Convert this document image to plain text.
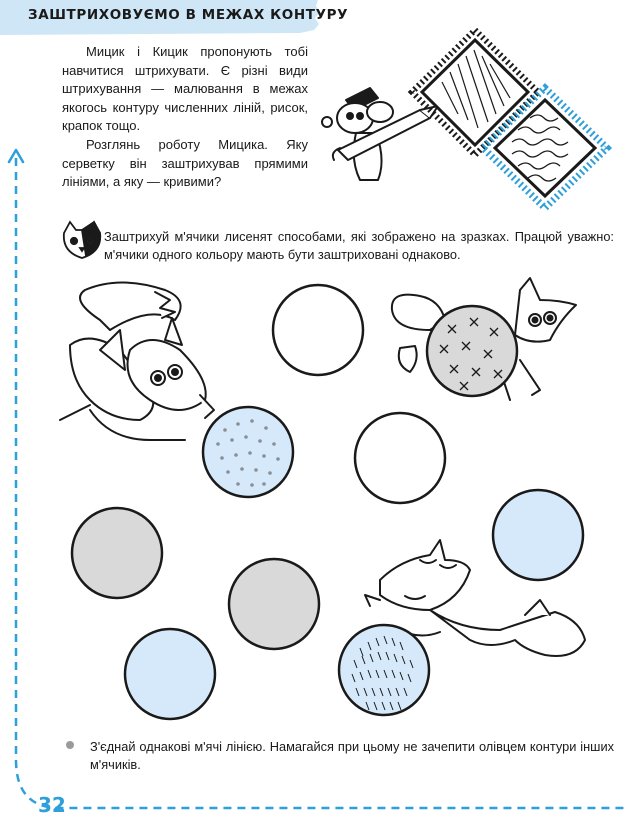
ЗАШТРИХОВУЄМО В МЕЖАХ КОНТУРУ

Мицик і Кицик пропонують тобі навчитися штрихувати. Є різні види штрихування — малювання в межах якогось контуру численних ліній, рисок, крапок тощо.

Розглянь роботу Мицика. Яку серветку він заштрихував прямими лініями, а яку — кривими?

Заштрихуй м'ячики лисенят способами, які зображено на зразках. Працюй уважно: м'ячики одного кольору мають бути заштриховані однаково.
З'єднай однакові м'ячі лінією. Намагайся при цьому не зачепити олівцем контури інших м'ячиків.
32
